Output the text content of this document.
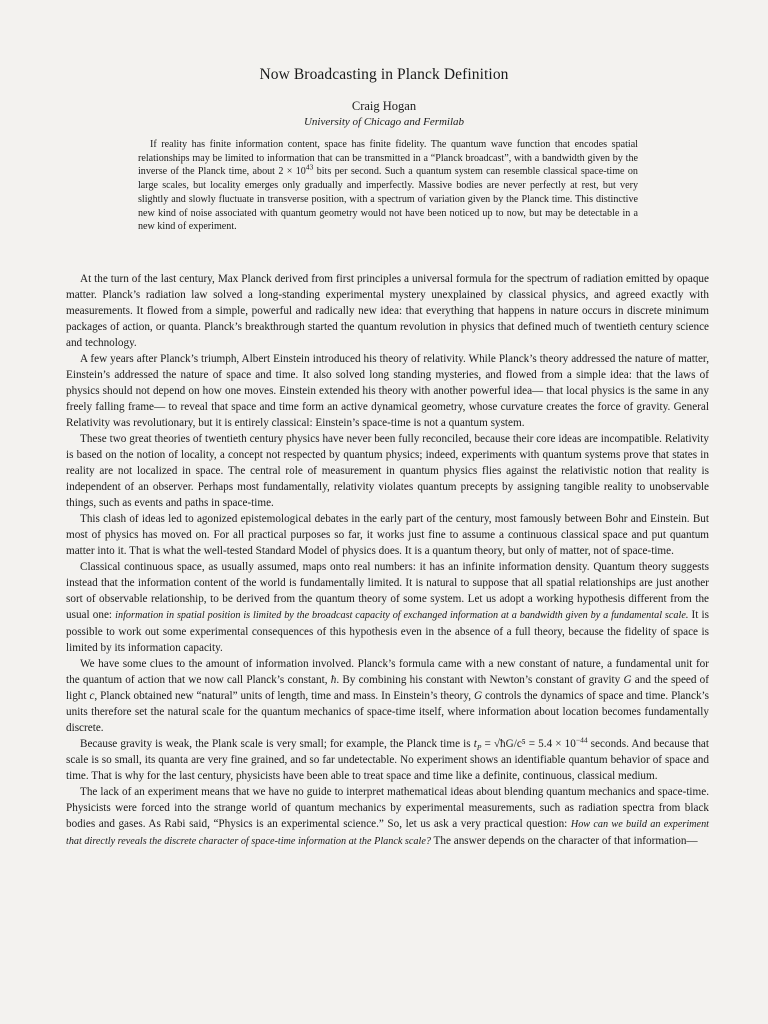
Now Broadcasting in Planck Definition
Craig Hogan
University of Chicago and Fermilab

If reality has finite information content, space has finite fidelity. The quantum wave function that encodes spatial relationships may be limited to information that can be transmitted in a “Planck broadcast”, with a bandwidth given by the inverse of the Planck time, about $2 \times 10^{43}$ bits per second. Such a quantum system can resemble classical space-time on large scales, but locality emerges only gradually and imperfectly. Massive bodies are never perfectly at rest, but very slightly and slowly fluctuate in transverse position, with a spectrum of variation given by the Planck time. This distinctive new kind of noise associated with quantum geometry would not have been noticed up to now, but may be detectable in a new kind of experiment.

At the turn of the last century, Max Planck derived from first principles a universal formula for the spectrum of radiation emitted by opaque matter. Planck’s radiation law solved a long-standing experimental mystery unexplained by classical physics, and agreed exactly with measurements. It flowed from a simple, powerful and radically new idea: that everything that happens in nature occurs in discrete minimum packages of action, or quanta. Planck’s breakthrough started the quantum revolution in physics that defined much of twentieth century science and technology.

A few years after Planck’s triumph, Albert Einstein introduced his theory of relativity. While Planck’s theory addressed the nature of matter, Einstein’s addressed the nature of space and time. It also solved long standing mysteries, and flowed from a simple idea: that the laws of physics should not depend on how one moves. Einstein extended his theory with another powerful idea— that local physics is the same in any freely falling frame— to reveal that space and time form an active dynamical geometry, whose curvature creates the force of gravity. General Relativity was revolutionary, but it is entirely classical: Einstein’s space-time is not a quantum system.

These two great theories of twentieth century physics have never been fully reconciled, because their core ideas are incompatible. Relativity is based on the notion of locality, a concept not respected by quantum physics; indeed, experiments with quantum systems prove that states in reality are not localized in space. The central role of measurement in quantum physics flies against the relativistic notion that reality is independent of an observer. Perhaps most fundamentally, relativity violates quantum precepts by assigning tangible reality to unobservable things, such as events and paths in space-time.

This clash of ideas led to agonized epistemological debates in the early part of the century, most famously between Bohr and Einstein. But most of physics has moved on. For all practical purposes so far, it works just fine to assume a continuous classical space and put quantum matter into it. That is what the well-tested Standard Model of physics does. It is a quantum theory, but only of matter, not of space-time.

Classical continuous space, as usually assumed, maps onto real numbers: it has an infinite information density. Quantum theory suggests instead that the information content of the world is fundamentally limited. It is natural to suppose that all spatial relationships are just another sort of observable relationship, to be derived from the quantum theory of some system. Let us adopt a working hypothesis different from the usual one: information in spatial position is limited by the broadcast capacity of exchanged information at a bandwidth given by a fundamental scale. It is possible to work out some experimental consequences of this hypothesis even in the absence of a full theory, because the fidelity of space is limited by its information capacity.

We have some clues to the amount of information involved. Planck’s formula came with a new constant of nature, a fundamental unit for the quantum of action that we now call Planck’s constant, ħ. By combining his constant with Newton’s constant of gravity G and the speed of light c, Planck obtained new “natural” units of length, time and mass. In Einstein’s theory, G controls the dynamics of space and time. Planck’s units therefore set the natural scale for the quantum mechanics of space-time itself, where information about location becomes fundamentally discrete.

Because gravity is weak, the Plank scale is very small; for example, the Planck time is $t_P$ = √ħG/c⁵ = $5.4 \times 10^{-44}$ seconds. And because that scale is so small, its quanta are very fine grained, and so far undetectable. No experiment shows an identifiable quantum behavior of space and time. That is why for the last century, physicists have been able to treat space and time like a definite, continuous, classical medium.

The lack of an experiment means that we have no guide to interpret mathematical ideas about blending quantum mechanics and space-time. Physicists were forced into the strange world of quantum mechanics by experimental measurements, such as radiation spectra from black bodies and gases. As Rabi said, “Physics is an experimental science.” So, let us ask a very practical question: How can we build an experiment that directly reveals the discrete character of space-time information at the Planck scale? The answer depends on the character of that information—
